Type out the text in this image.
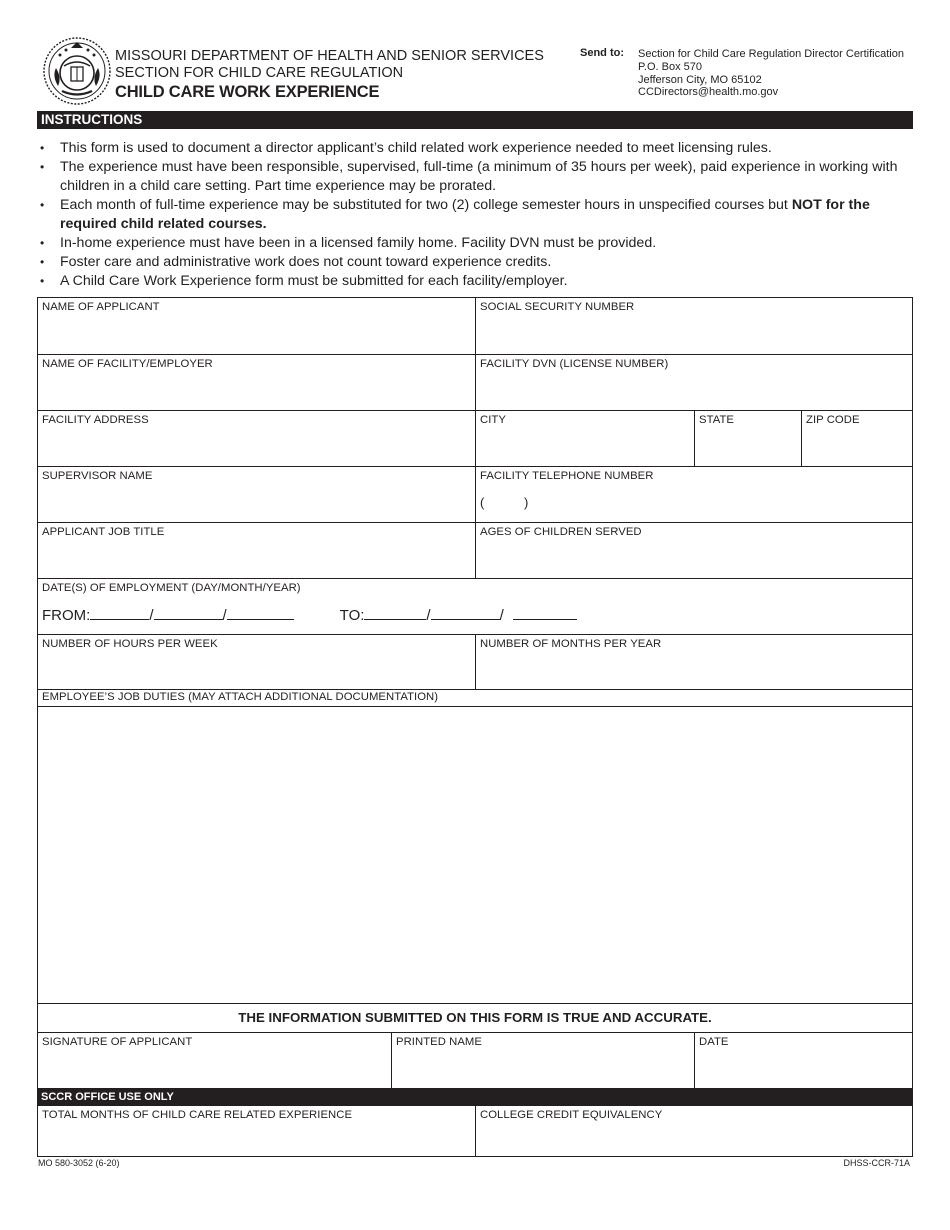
MISSOURI DEPARTMENT OF HEALTH AND SENIOR SERVICES
SECTION FOR CHILD CARE REGULATION
CHILD CARE WORK EXPERIENCE
Send to: Section for Child Care Regulation Director Certification
P.O. Box 570
Jefferson City, MO 65102
CCDirectors@health.mo.gov
INSTRUCTIONS
• This form is used to document a director applicant’s child related work experience needed to meet licensing rules.
• The experience must have been responsible, supervised, full-time (a minimum of 35 hours per week), paid experience in working with children in a child care setting. Part time experience may be prorated.
• Each month of full-time experience may be substituted for two (2) college semester hours in unspecified courses but NOT for the required child related courses.
• In-home experience must have been in a licensed family home. Facility DVN must be provided.
• Foster care and administrative work does not count toward experience credits.
• A Child Care Work Experience form must be submitted for each facility/employer.
NAME OF APPLICANT	SOCIAL SECURITY NUMBER
NAME OF FACILITY/EMPLOYER	FACILITY DVN (LICENSE NUMBER)
FACILITY ADDRESS	CITY	STATE	ZIP CODE
SUPERVISOR NAME	FACILITY TELEPHONE NUMBER
(           )
APPLICANT JOB TITLE	AGES OF CHILDREN SERVED
DATE(S) OF EMPLOYMENT (DAY/MONTH/YEAR)
FROM:	/	/	TO:	/	/
NUMBER OF HOURS PER WEEK	NUMBER OF MONTHS PER YEAR
EMPLOYEE’S JOB DUTIES (MAY ATTACH ADDITIONAL DOCUMENTATION)
THE INFORMATION SUBMITTED ON THIS FORM IS TRUE AND ACCURATE.
SIGNATURE OF APPLICANT	PRINTED NAME	DATE
TOTAL MONTHS OF CHILD CARE RELATED EXPERIENCE	COLLEGE CREDIT EQUIVALENCY
SCCR OFFICE USE ONLY
MO 580-3052 (6-20)	DHSS-CCR-71A
